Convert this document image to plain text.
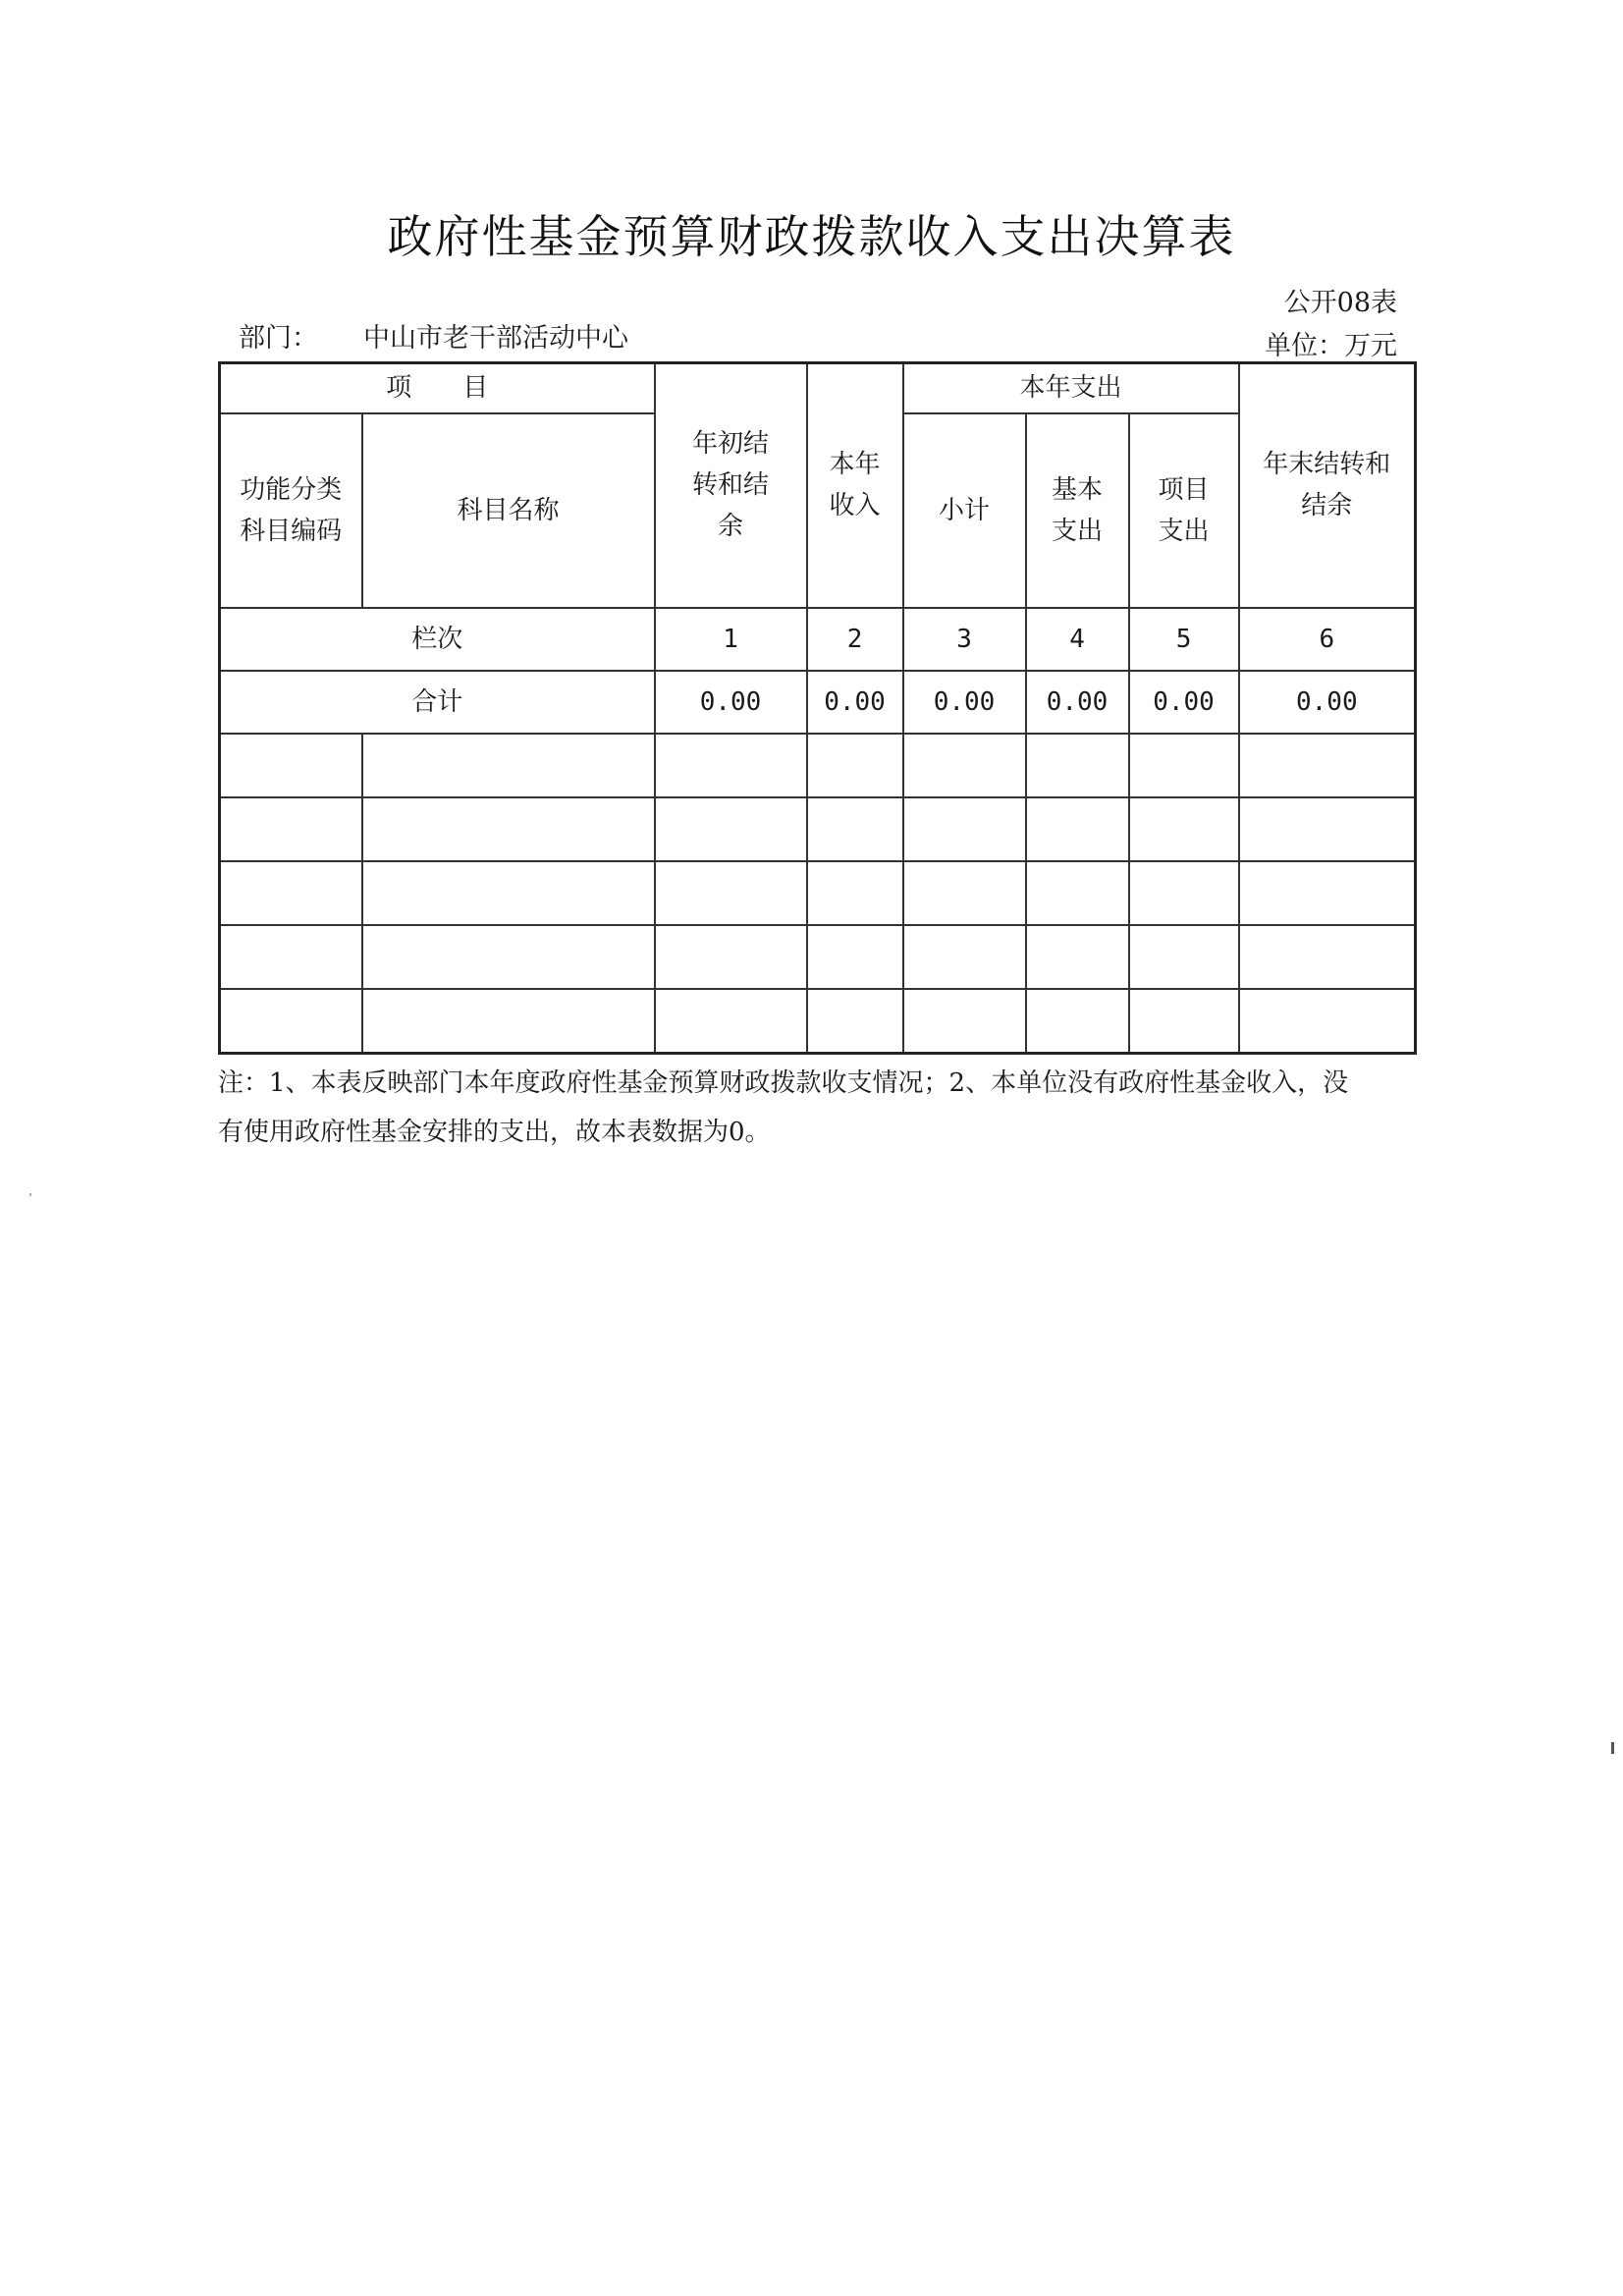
政府性基金预算财政拨款收入支出决算表
公开08表
部门： 中山市老干部活动中心	单位：万元
项　　目		年初结转和结余	本年收入	本年支出			年末结转和结余

功能分类科目编码	科目名称			小计	基本支出	项目支出	

栏次		1	2	3	4	5	6
合计		0.00	0.00	0.00	0.00	0.00	0.00

注：1、本表反映部门本年度政府性基金预算财政拨款收支情况；2、本单位没有政府性基金收入，没
有使用政府性基金安排的支出，故本表数据为0。
